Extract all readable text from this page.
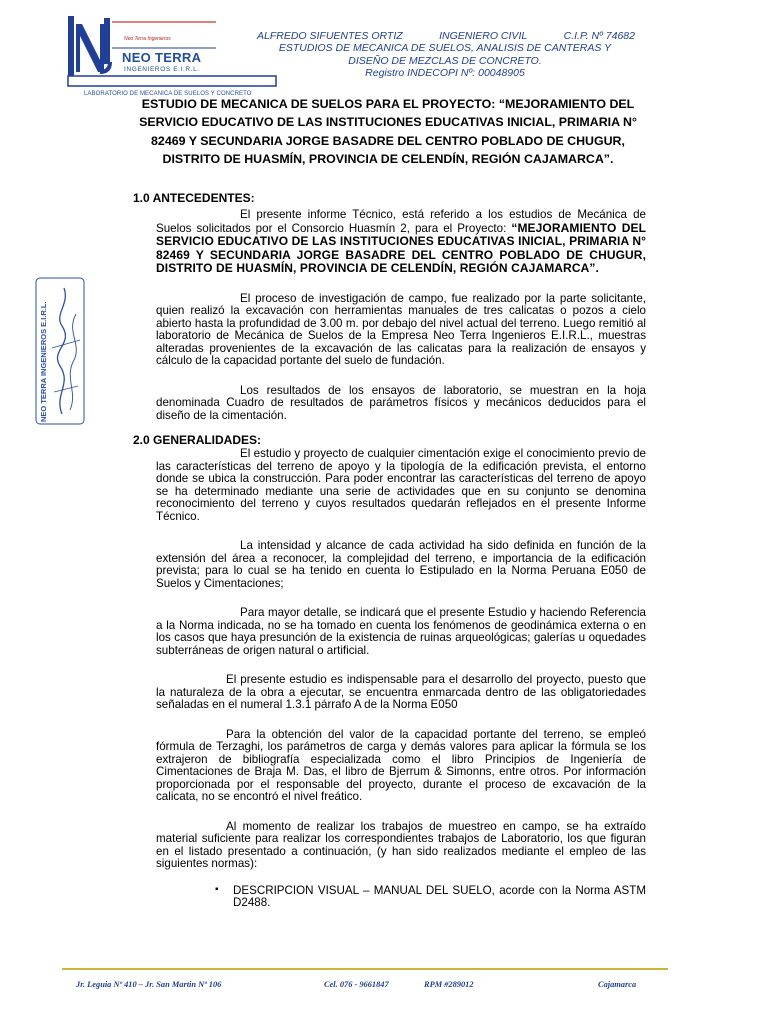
Neo Terra Ingenieros
NEO TERRA
INGENIEROS E.I.R.L.
LABORATORIO DE MECANICA DE SUELOS Y CONCRETO
ALFREDO SIFUENTES ORTIZ	INGENIERO CIVIL	C.I.P. Nº 74682
ESTUDIOS DE MECANICA DE SUELOS, ANALISIS DE CANTERAS Y
DISEÑO DE MEZCLAS DE CONCRETO.
Registro INDECOPI Nº: 00048905
ESTUDIO DE MECANICA DE SUELOS PARA EL PROYECTO: “MEJORAMIENTO DEL SERVICIO EDUCATIVO DE LAS INSTITUCIONES EDUCATIVAS INICIAL, PRIMARIA N° 82469 Y SECUNDARIA JORGE BASADRE DEL CENTRO POBLADO DE CHUGUR, DISTRITO DE HUASMÍN, PROVINCIA DE CELENDÍN, REGIÓN CAJAMARCA”.
NEO TERRA INGENIEROS E.I.R.L.
1.0 ANTECEDENTES:

El presente informe Técnico, está referido a los estudios de Mecánica de Suelos solicitados por el Consorcio Huasmín 2, para el Proyecto: “MEJORAMIENTO DEL SERVICIO EDUCATIVO DE LAS INSTITUCIONES EDUCATIVAS INICIAL, PRIMARIA N° 82469 Y SECUNDARIA JORGE BASADRE DEL CENTRO POBLADO DE CHUGUR, DISTRITO DE HUASMÍN, PROVINCIA DE CELENDÍN, REGIÓN CAJAMARCA”.

El proceso de investigación de campo, fue realizado por la parte solicitante, quien realizó la excavación con herramientas manuales de tres calicatas o pozos a cielo abierto hasta la profundidad de 3.00 m. por debajo del nivel actual del terreno. Luego remitió al laboratorio de Mecánica de Suelos de la Empresa Neo Terra Ingenieros E.I.R.L., muestras alteradas provenientes de la excavación de las calicatas para la realización de ensayos y cálculo de la capacidad portante del suelo de fundación.

Los resultados de los ensayos de laboratorio, se muestran en la hoja denominada Cuadro de resultados de parámetros físicos y mecánicos deducidos para el diseño de la cimentación.

2.0 GENERALIDADES:

El estudio y proyecto de cualquier cimentación exige el conocimiento previo de las características del terreno de apoyo y la tipología de la edificación prevista, el entorno donde se ubica la construcción. Para poder encontrar las características del terreno de apoyo se ha determinado mediante una serie de actividades que en su conjunto se denomina reconocimiento del terreno y cuyos resultados quedarán reflejados en el presente Informe Técnico.

La intensidad y alcance de cada actividad ha sido definida en función de la extensión del área a reconocer, la complejidad del terreno, e importancia de la edificación prevista; para lo cual se ha tenido en cuenta lo Estipulado en la Norma Peruana E050 de Suelos y Cimentaciones;

Para mayor detalle, se indicará que el presente Estudio y haciendo Referencia a la Norma indicada, no se ha tomado en cuenta los fenómenos de geodinámica externa o en los casos que haya presunción de la existencia de ruinas arqueológicas; galerías u oquedades subterráneas de origen natural o artificial.

El presente estudio es indispensable para el desarrollo del proyecto, puesto que la naturaleza de la obra a ejecutar, se encuentra enmarcada dentro de las obligatoriedades señaladas en el numeral 1.3.1 párrafo A de la Norma E050

Para la obtención del valor de la capacidad portante del terreno, se empleó fórmula de Terzaghi, los parámetros de carga y demás valores para aplicar la fórmula se los extrajeron de bibliografía especializada como el libro Principios de Ingeniería de Cimentaciones de Braja M. Das, el libro de Bjerrum & Simonns, entre otros. Por información proporcionada por el responsable del proyecto, durante el proceso de excavación de la calicata, no se encontró el nivel freático.

Al momento de realizar los trabajos de muestreo en campo, se ha extraído material suficiente para realizar los correspondientes trabajos de Laboratorio, los que figuran en el listado presentado a continuación, (y han sido realizados mediante el empleo de las siguientes normas):

▪ DESCRIPCION VISUAL – MANUAL DEL SUELO, acorde con la Norma ASTM D2488.
Jr. Leguia Nº 410 – Jr. San Martin Nº 106	Cel. 076 - 9661847	RPM #289012	Cajamarca
